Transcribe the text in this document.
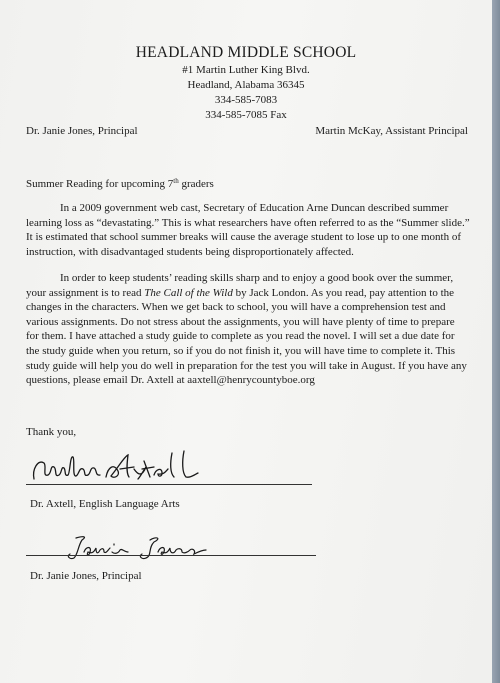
HEADLAND MIDDLE SCHOOL
#1 Martin Luther King Blvd.
Headland, Alabama 36345
334-585-7083
334-585-7085 Fax
Dr. Janie Jones, Principal	Martin McKay, Assistant Principal
Summer Reading for upcoming 7th graders

In a 2009 government web cast, Secretary of Education Arne Duncan described summer learning loss as “devastating.” This is what researchers have often referred to as the “Summer slide.” It is estimated that school summer breaks will cause the average student to lose up to one month of instruction, with disadvantaged students being disproportionately affected.

In order to keep students’ reading skills sharp and to enjoy a good book over the summer, your assignment is to read The Call of the Wild by Jack London. As you read, pay attention to the changes in the characters. When we get back to school, you will have a comprehension test and various assignments. Do not stress about the assignments, you will have plenty of time to prepare for them. I have attached a study guide to complete as you read the novel. I will set a due date for the study guide when you return, so if you do not finish it, you will have time to complete it. This study guide will help you do well in preparation for the test you will take in August. If you have any questions, please email Dr. Axtell at aaxtell@henrycountyboe.org

Thank you,
Dr. Axtell, English Language Arts
Dr. Janie Jones, Principal
